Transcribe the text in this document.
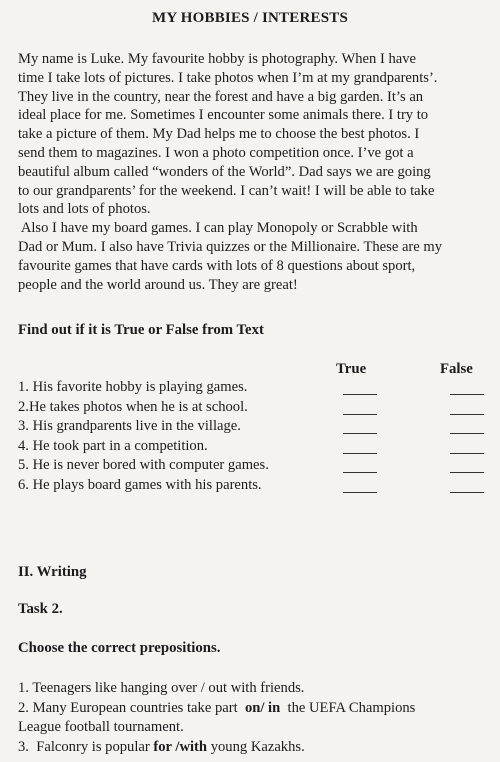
MY HOBBIES / INTERESTS
My name is Luke. My favourite hobby is photography. When I have
time I take lots of pictures. I take photos when I’m at my grandparents’.
They live in the country, near the forest and have a big garden. It’s an
ideal place for me. Sometimes I encounter some animals there. I try to
take a picture of them. My Dad helps me to choose the best photos. I
send them to magazines. I won a photo competition once. I’ve got a
beautiful album called “wonders of the World”. Dad says we are going
to our grandparents’ for the weekend. I can’t wait! I will be able to take
lots and lots of photos.
Also I have my board games. I can play Monopoly or Scrabble with
Dad or Mum. I also have Trivia quizzes or the Millionaire. These are my
favourite games that have cards with lots of 8 questions about sport,
people and the world around us. They are great!
Find out if it is True or False from Text
True	False
1. His favorite hobby is playing games.
2.He takes photos when he is at school.
3. His grandparents live in the village.
4. He took part in a competition.
5. He is never bored with computer games.
6. He plays board games with his parents.
II. Writing
Task 2.
Choose the correct prepositions.
1. Teenagers like hanging over / out with friends.
2. Many European countries take part  on/ in  the UEFA Champions
League football tournament.
3.  Falconry is popular for /with young Kazakhs.
